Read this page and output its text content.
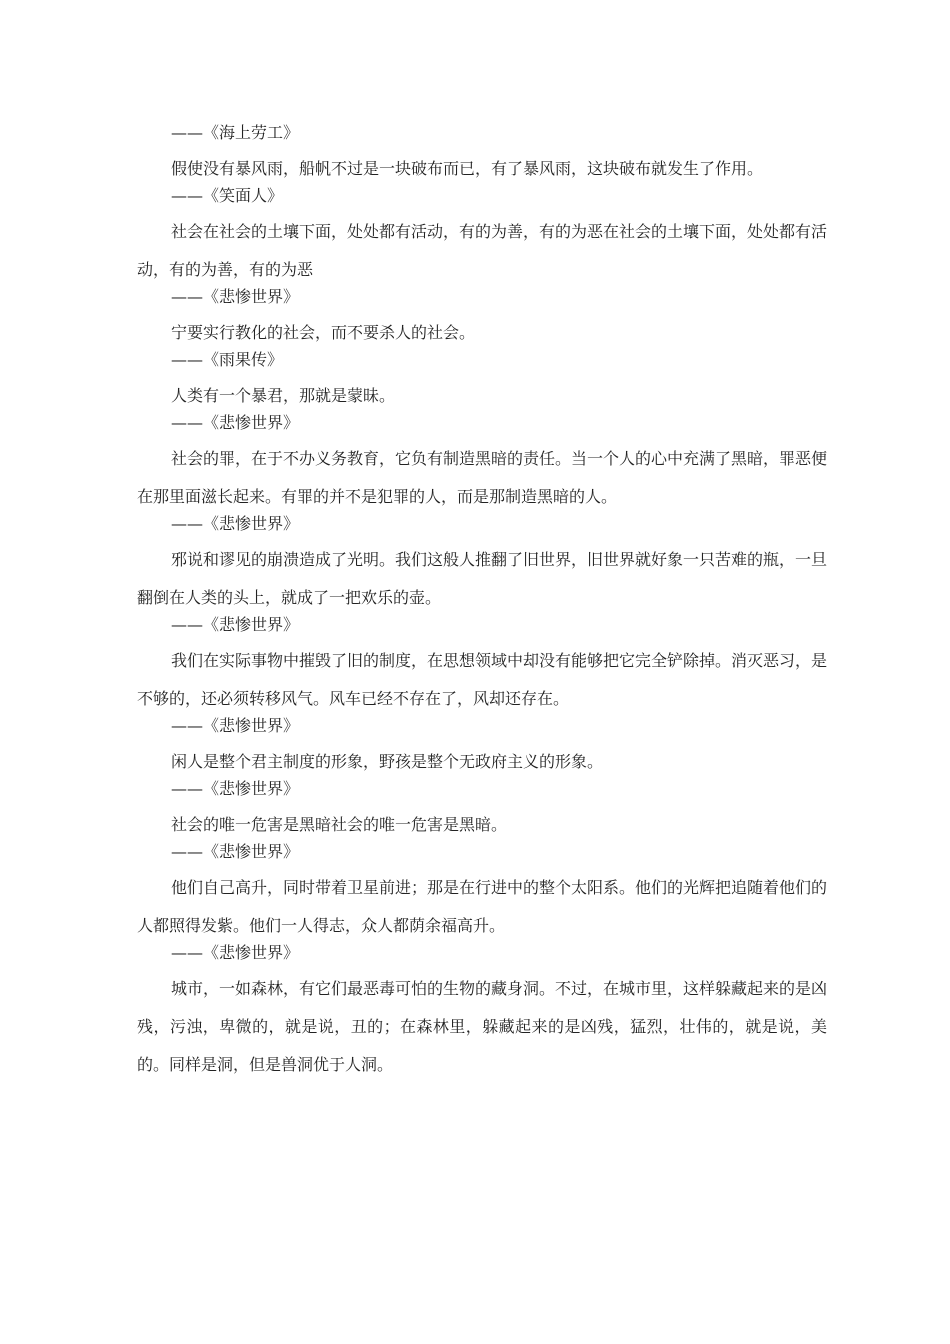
——《海上劳工》

假使没有暴风雨，船帆不过是一块破布而已，有了暴风雨，这块破布就发生了作用。

——《笑面人》

社会在社会的土壤下面，处处都有活动，有的为善，有的为恶在社会的土壤下面，处处都有活动，有的为善，有的为恶

——《悲惨世界》

宁要实行教化的社会，而不要杀人的社会。

——《雨果传》

人类有一个暴君，那就是蒙昧。

——《悲惨世界》

社会的罪，在于不办义务教育，它负有制造黑暗的责任。当一个人的心中充满了黑暗，罪恶便在那里面滋长起来。有罪的并不是犯罪的人，而是那制造黑暗的人。

——《悲惨世界》

邪说和谬见的崩溃造成了光明。我们这般人推翻了旧世界，旧世界就好象一只苦难的瓶，一旦翻倒在人类的头上，就成了一把欢乐的壶。

——《悲惨世界》

我们在实际事物中摧毁了旧的制度，在思想领域中却没有能够把它完全铲除掉。消灭恶习，是不够的，还必须转移风气。风车已经不存在了，风却还存在。

——《悲惨世界》

闲人是整个君主制度的形象，野孩是整个无政府主义的形象。

——《悲惨世界》

社会的唯一危害是黑暗社会的唯一危害是黑暗。

——《悲惨世界》

他们自己高升，同时带着卫星前进；那是在行进中的整个太阳系。他们的光辉把追随着他们的人都照得发紫。他们一人得志，众人都荫余福高升。

——《悲惨世界》

城市，一如森林，有它们最恶毒可怕的生物的藏身洞。不过，在城市里，这样躲藏起来的是凶残，污浊，卑微的，就是说，丑的；在森林里，躲藏起来的是凶残，猛烈，壮伟的，就是说，美的。同样是洞，但是兽洞优于人洞。
